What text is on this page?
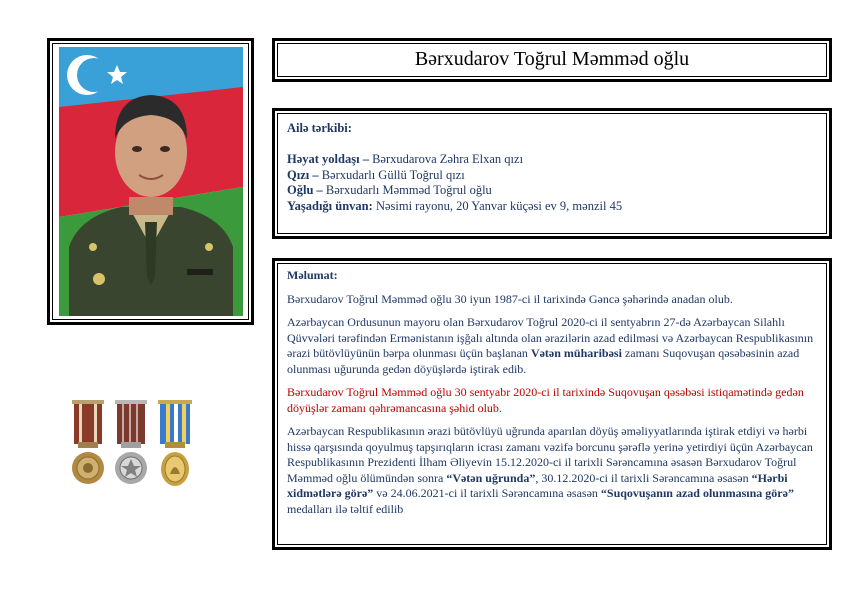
Bərxudarov Toğrul Məmməd oğlu
Ailə tərkibi:
Həyat yoldaşı – Bərxudarova Zəhra Elxan qızı
Qızı – Bərxudarlı Güllü Toğrul qızı
Oğlu – Bərxudarlı Məmməd Toğrul oğlu
Yaşadığı ünvan: Nəsimi rayonu, 20 Yanvar küçəsi ev 9, mənzil 45

Məlumat:

Bərxudarov Toğrul Məmməd oğlu 30 iyun 1987-ci il tarixində Gəncə şəhərində anadan olub.

Azərbaycan Ordusunun mayoru olan Bərxudarov Toğrul 2020-ci il sentyabrın 27-də Azərbaycan Silahlı Qüvvələri tərəfindən Ermənistanın işğalı altında olan ərazilərin azad edilməsi və Azərbaycan Respublikasının ərazi bütövlüyünün bərpa olunması üçün başlanan Vətən müharibəsi zamanı Suqovuşan qəsəbəsinin azad olunması uğurunda gedən döyüşlərdə iştirak edib.

Bərxudarov Toğrul Məmməd oğlu 30 sentyabr 2020-ci il tarixində Suqovuşan qəsəbəsi istiqamətində gedən döyüşlər zamanı qəhrəmancasına şəhid olub.

Azərbaycan Respublikasının ərazi bütövlüyü uğrunda aparılan döyüş əməliyyatlarında iştirak etdiyi və hərbi hissə qarşısında qoyulmuş tapşırıqların icrası zamanı vəzifə borcunu şərəflə yerinə yetirdiyi üçün Azərbaycan Respublikasının Prezidenti İlham Əliyevin 15.12.2020-ci il tarixli Sərəncamına əsasən Bərxudarov Toğrul Məmməd oğlu ölümündən sonra “Vətən uğrunda”, 30.12.2020-ci il tarixli Sərəncamına əsasən “Hərbi xidmətlərə görə” və 24.06.2021-ci il tarixli Sərəncamına əsasən “Suqovuşanın azad olunmasına görə” medalları ilə təltif edilib
